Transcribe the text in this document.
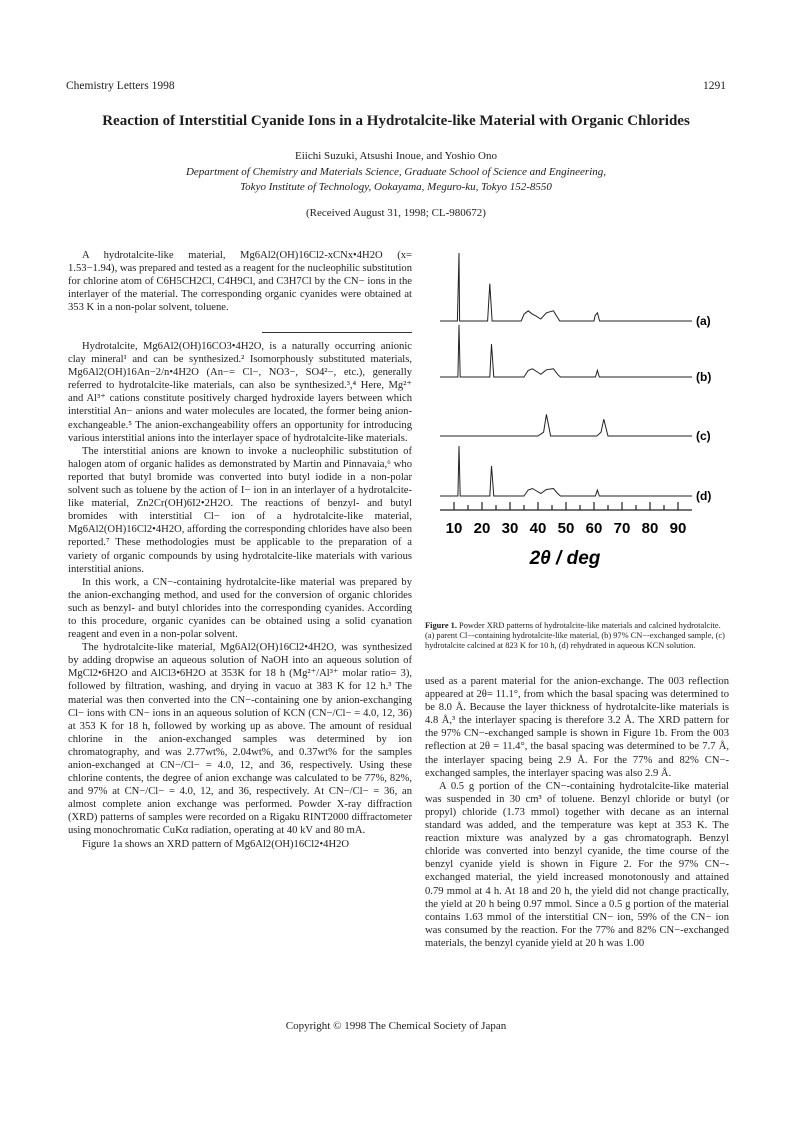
Chemistry Letters 1998	1291
Reaction of Interstitial Cyanide Ions in a Hydrotalcite-like Material with Organic Chlorides
Eiichi Suzuki, Atsushi Inoue, and Yoshio Ono
Department of Chemistry and Materials Science, Graduate School of Science and Engineering,
Tokyo Institute of Technology, Ookayama, Meguro-ku, Tokyo 152-8550
(Received August 31, 1998; CL-980672)

A hydrotalcite-like material, Mg6Al2(OH)16Cl2-xCNx•4H2O (x= 1.53−1.94), was prepared and tested as a reagent for the nucleophilic substitution for chlorine atom of C6H5CH2Cl, C4H9Cl, and C3H7Cl by the CN− ions in the interlayer of the material. The corresponding organic cyanides were obtained at 353 K in a non-polar solvent, toluene.

Hydrotalcite, Mg6Al2(OH)16CO3•4H2O, is a naturally occurring anionic clay mineral¹ and can be synthesized.² Isomorphously substituted materials, Mg6Al2(OH)16An−2/n•4H2O (An−= Cl−, NO3−, SO4²−, etc.), generally referred to hydrotalcite-like materials, can also be synthesized.³,⁴ Here, Mg²⁺ and Al³⁺ cations constitute positively charged hydroxide layers between which interstitial An− anions and water molecules are located, the former being anion-exchangeable.⁵ The anion-exchangeability offers an opportunity for introducing various interstitial anions into the interlayer space of hydrotalcite-like materials.

The interstitial anions are known to invoke a nucleophilic substitution of halogen atom of organic halides as demonstrated by Martin and Pinnavaia,⁶ who reported that butyl bromide was converted into butyl iodide in a non-polar solvent such as toluene by the action of I− ion in an interlayer of a hydrotalcite-like material, Zn2Cr(OH)6I2•2H2O. The reactions of benzyl- and butyl bromides with interstitial Cl− ion of a hydrotalcite-like material, Mg6Al2(OH)16Cl2•4H2O, affording the corresponding chlorides have also been reported.⁷ These methodologies must be applicable to the preparation of a variety of organic compounds by using hydrotalcite-like materials with various interstitial anions.

In this work, a CN−-containing hydrotalcite-like material was prepared by the anion-exchanging method, and used for the conversion of organic chlorides such as benzyl- and butyl chlorides into the corresponding cyanides. According to this procedure, organic cyanides can be obtained using a solid cyanation reagent and even in a non-polar solvent.

The hydrotalcite-like material, Mg6Al2(OH)16Cl2•4H2O, was synthesized by adding dropwise an aqueous solution of NaOH into an aqueous solution of MgCl2•6H2O and AlCl3•6H2O at 353K for 18 h (Mg²⁺/Al³⁺ molar ratio= 3), followed by filtration, washing, and drying in vacuo at 383 K for 12 h.³ The material was then converted into the CN−-containing one by anion-exchanging Cl− ions with CN− ions in an aqueous solution of KCN (CN−/Cl− = 4.0, 12, 36) at 353 K for 18 h, followed by working up as above. The amount of residual chlorine in the anion-exchanged samples was determined by ion chromatography, and was 2.77wt%, 2.04wt%, and 0.37wt% for the samples anion-exchanged at CN−/Cl− = 4.0, 12, and 36, respectively. Using these chlorine contents, the degree of anion exchange was calculated to be 77%, 82%, and 97% at CN−/Cl− = 4.0, 12, and 36, respectively. At CN−/Cl− = 36, an almost complete anion exchange was performed. Powder X-ray diffraction (XRD) patterns of samples were recorded on a Rigaku RINT2000 diffractometer using monochromatic CuKα radiation, operating at 40 kV and 80 mA.

Figure 1a shows an XRD pattern of Mg6Al2(OH)16Cl2•4H2O

(a)
(b)
(c)
(d)
10 20 30 40 50 60 70 80 90
2θ / deg
Figure 1. Powder XRD patterns of hydrotalcite-like materials and calcined hydrotalcite.
(a) parent Cl−-containing hydrotalcite-like material, (b) 97% CN−-exchanged sample, (c) hydrotalcite calcined at 823 K for 10 h, (d) rehydrated in aqueous KCN solution.

used as a parent material for the anion-exchange. The 003 reflection appeared at 2θ= 11.1°, from which the basal spacing was determined to be 8.0 Å. Because the layer thickness of hydrotalcite-like materials is 4.8 Å,³ the interlayer spacing is therefore 3.2 Å. The XRD pattern for the 97% CN−-exchanged sample is shown in Figure 1b. From the 003 reflection at 2θ = 11.4°, the basal spacing was determined to be 7.7 Å, the interlayer spacing being 2.9 Å. For the 77% and 82% CN−-exchanged samples, the interlayer spacing was also 2.9 Å.

A 0.5 g portion of the CN−-containing hydrotalcite-like material was suspended in 30 cm³ of toluene. Benzyl chloride or butyl (or propyl) chloride (1.73 mmol) together with decane as an internal standard was added, and the temperature was kept at 353 K. The reaction mixture was analyzed by a gas chromatograph. Benzyl chloride was converted into benzyl cyanide, the time course of the benzyl cyanide yield is shown in Figure 2. For the 97% CN−-exchanged material, the yield increased monotonously and attained 0.79 mmol at 4 h. At 18 and 20 h, the yield did not change practically, the yield at 20 h being 0.97 mmol. Since a 0.5 g portion of the material contains 1.63 mmol of the interstitial CN− ion, 59% of the CN− ion was consumed by the reaction. For the 77% and 82% CN−-exchanged materials, the benzyl cyanide yield at 20 h was 1.00

Copyright © 1998 The Chemical Society of Japan
